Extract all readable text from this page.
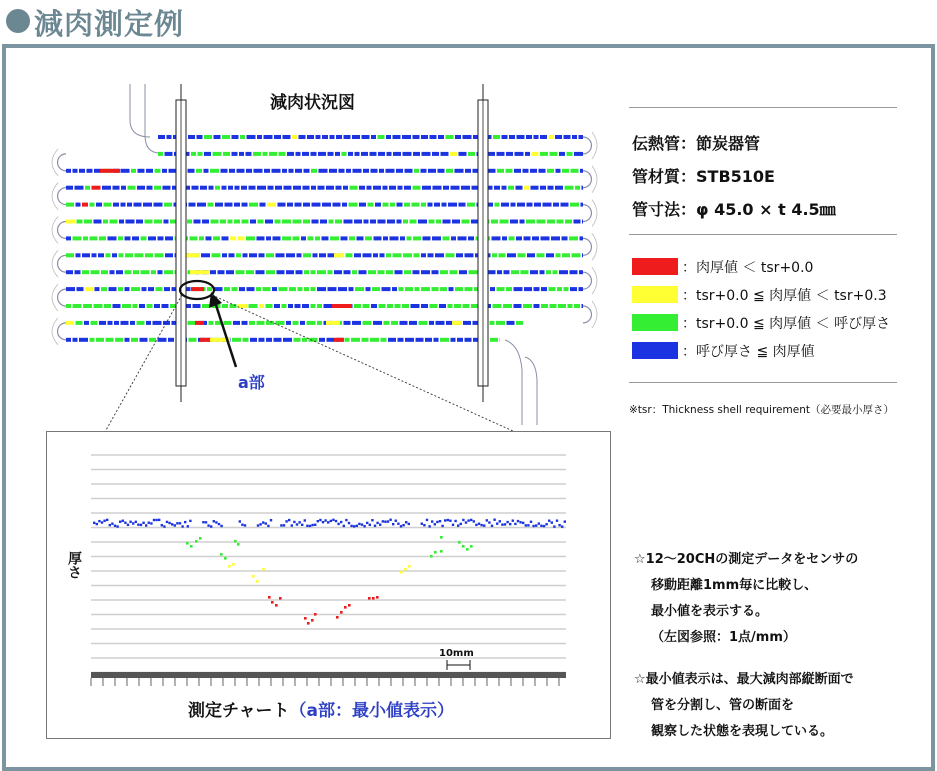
減肉測定例
減肉状況図
a部
伝熱管：節炭器管
管材質：STB510E
管寸法：φ 45.0 × t 4.5㎜
：肉厚値 ＜ tsr+0.0
：tsr+0.0 ≦ 肉厚値 ＜ tsr+0.3
：tsr+0.0 ≦ 肉厚値 ＜ 呼び厚さ
：呼び厚さ ≦ 肉厚値
※tsr：Thickness shell requirement（必要最小厚さ）
☆12～20CHの測定データをセンサの
移動距離1mm毎に比較し、
最小値を表示する。
（左図参照：1点/mm）
☆最小値表示は、最大減肉部縦断面で
管を分割し、管の断面を
観察した状態を表現している。
厚さ
10mm
測定チャート（a部：最小値表示）
